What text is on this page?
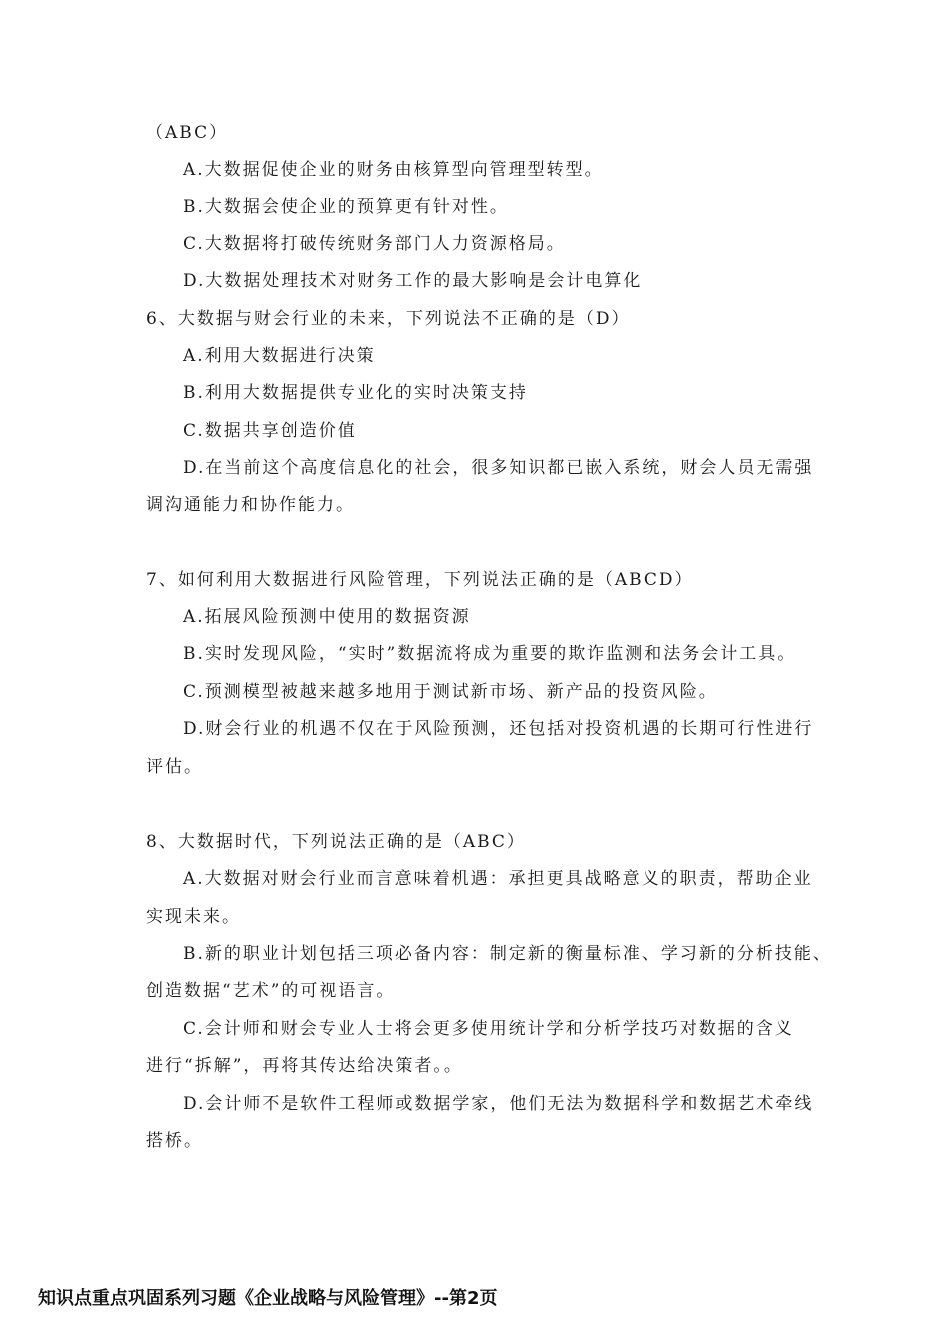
（ABC）
A.大数据促使企业的财务由核算型向管理型转型。
B.大数据会使企业的预算更有针对性。
C.大数据将打破传统财务部门人力资源格局。
D.大数据处理技术对财务工作的最大影响是会计电算化
6、大数据与财会行业的未来，下列说法不正确的是（D）
A.利用大数据进行决策
B.利用大数据提供专业化的实时决策支持
C.数据共享创造价值
D.在当前这个高度信息化的社会，很多知识都已嵌入系统，财会人员无需强
调沟通能力和协作能力。
7、如何利用大数据进行风险管理，下列说法正确的是（ABCD）
A.拓展风险预测中使用的数据资源
B.实时发现风险，“实时”数据流将成为重要的欺诈监测和法务会计工具。
C.预测模型被越来越多地用于测试新市场、新产品的投资风险。
D.财会行业的机遇不仅在于风险预测，还包括对投资机遇的长期可行性进行
评估。
8、大数据时代，下列说法正确的是（ABC）
A.大数据对财会行业而言意味着机遇：承担更具战略意义的职责，帮助企业
实现未来。
B.新的职业计划包括三项必备内容：制定新的衡量标准、学习新的分析技能、
创造数据“艺术”的可视语言。
C.会计师和财会专业人士将会更多使用统计学和分析学技巧对数据的含义
进行“拆解”，再将其传达给决策者。。
D.会计师不是软件工程师或数据学家，他们无法为数据科学和数据艺术牵线
搭桥。
知识点重点巩固系列习题《企业战略与风险管理》--第2页
